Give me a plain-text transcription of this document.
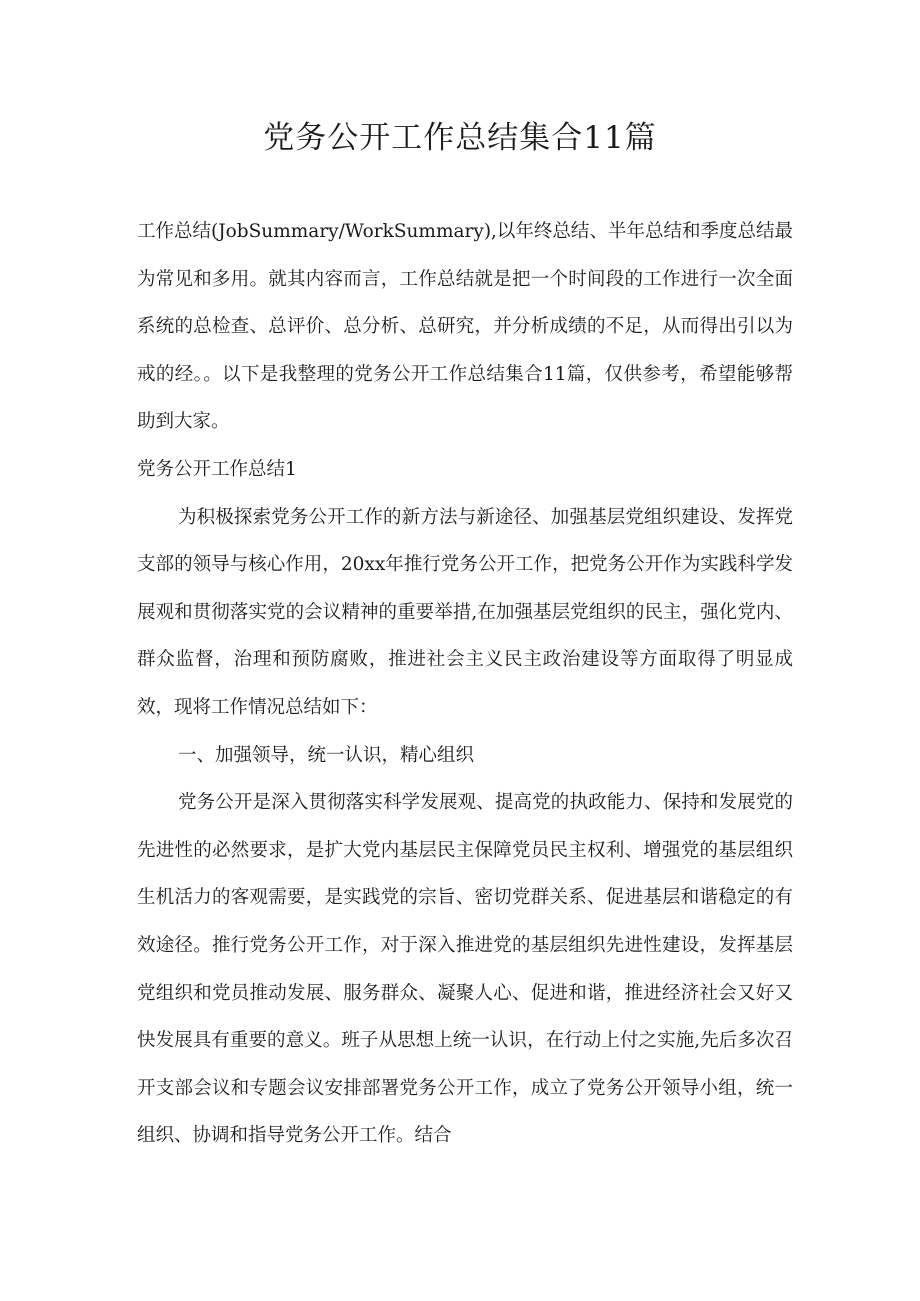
党务公开工作总结集合11篇

工作总结(JobSummary/WorkSummary),以年终总结、半年总结和季度总结最为常见和多用。就其内容而言，工作总结就是把一个时间段的工作进行一次全面系统的总检查、总评价、总分析、总研究，并分析成绩的不足，从而得出引以为戒的经。。以下是我整理的党务公开工作总结集合11篇，仅供参考，希望能够帮助到大家。

党务公开工作总结1

为积极探索党务公开工作的新方法与新途径、加强基层党组织建设、发挥党支部的领导与核心作用，20xx年推行党务公开工作，把党务公开作为实践科学发展观和贯彻落实党的会议精神的重要举措,在加强基层党组织的民主，强化党内、群众监督，治理和预防腐败，推进社会主义民主政治建设等方面取得了明显成效，现将工作情况总结如下：

一、加强领导，统一认识，精心组织

党务公开是深入贯彻落实科学发展观、提高党的执政能力、保持和发展党的先进性的必然要求，是扩大党内基层民主保障党员民主权利、增强党的基层组织生机活力的客观需要，是实践党的宗旨、密切党群关系、促进基层和谐稳定的有效途径。推行党务公开工作，对于深入推进党的基层组织先进性建设，发挥基层党组织和党员推动发展、服务群众、凝聚人心、促进和谐，推进经济社会又好又快发展具有重要的意义。班子从思想上统一认识，在行动上付之实施,先后多次召开支部会议和专题会议安排部署党务公开工作，成立了党务公开领导小组，统一组织、协调和指导党务公开工作。结合
